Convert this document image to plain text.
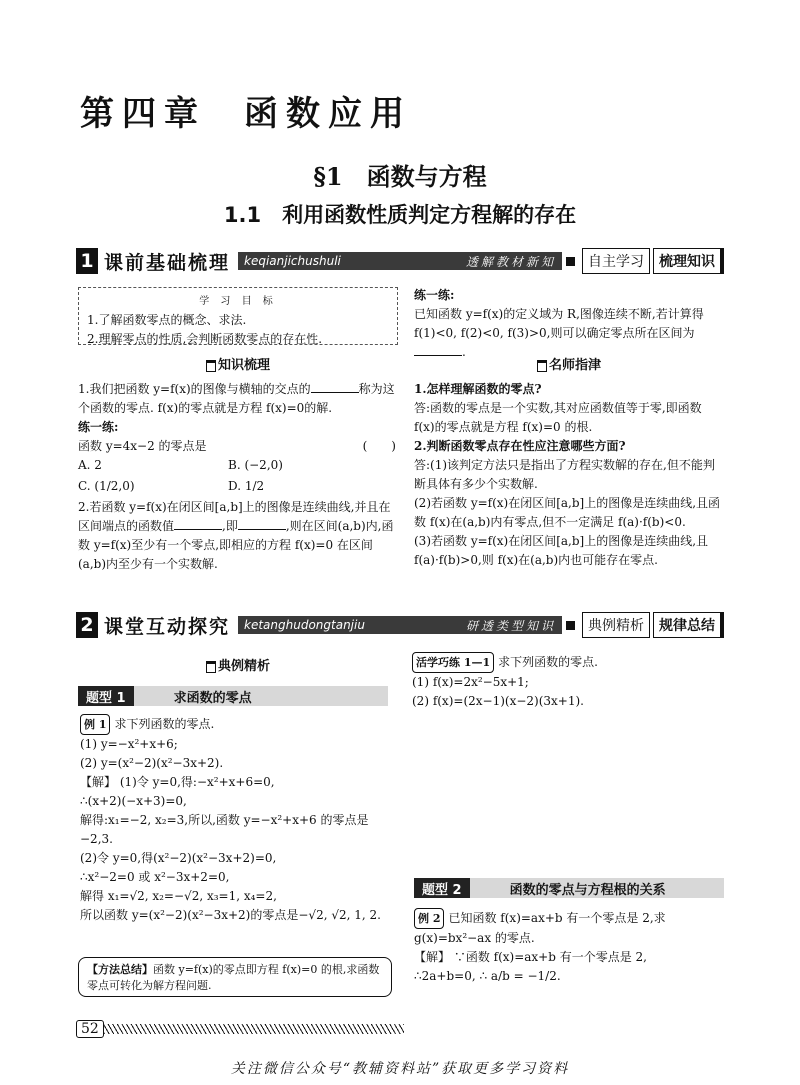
第四章 函数应用
§1　函数与方程
1.1　利用函数性质判定方程解的存在
1 课前基础梳理	keqianjichushuli	透解教材新知	自主学习	梳理知识
学 习 目 标
1.了解函数零点的概念、求法.
2.理解零点的性质,会判断函数零点的存在性.
知识梳理
1.我们把函数 y=f(x)的图像与横轴的交点的	称为这个函数的零点. f(x)的零点就是方程 f(x)=0的解.
练一练:
函数 y=4x−2 的零点是	(　　)
A. 2	B. (−2,0)
C. (1/2,0)	D. 1/2
2.若函数 y=f(x)在闭区间[a,b]上的图像是连续曲线,并且在区间端点的函数值	,即	,则在区间(a,b)内,函数 y=f(x)至少有一个零点,即相应的方程 f(x)=0 在区间(a,b)内至少有一个实数解.
练一练:
已知函数 y=f(x)的定义域为 R,图像连续不断,若计算得 f(1)<0, f(2)<0, f(3)>0,则可以确定零点所在区间为.
名师指津
1.怎样理解函数的零点?
答:函数的零点是一个实数,其对应函数值等于零,即函数 f(x)的零点就是方程 f(x)=0 的根.
2.判断函数零点存在性应注意哪些方面?
答:(1)该判定方法只是指出了方程实数解的存在,但不能判断具体有多少个实数解.
(2)若函数 y=f(x)在闭区间[a,b]上的图像是连续曲线,且函数 f(x)在(a,b)内有零点,但不一定满足 f(a)·f(b)<0.
(3)若函数 y=f(x)在闭区间[a,b]上的图像是连续曲线,且 f(a)·f(b)>0,则 f(x)在(a,b)内也可能存在零点.
2 课堂互动探究	ketanghudongtanjiu	研透类型知识	典例精析	规律总结
典例精析
题型 1	求函数的零点
例 1 求下列函数的零点.
(1) y=−x²+x+6;
(2) y=(x²−2)(x²−3x+2).
【解】 (1)令 y=0,得:−x²+x+6=0,
∴(x+2)(−x+3)=0,
解得:x₁=−2, x₂=3,所以,函数 y=−x²+x+6 的零点是−2,3.
(2)令 y=0,得(x²−2)(x²−3x+2)=0,
∴x²−2=0 或 x²−3x+2=0,
解得 x₁=√2, x₂=−√2, x₃=1, x₄=2,
所以函数 y=(x²−2)(x²−3x+2)的零点是−√2, √2, 1, 2.
【方法总结】函数 y=f(x)的零点即方程 f(x)=0 的根,求函数零点可转化为解方程问题.
活学巧练 1—1 求下列函数的零点.
(1) f(x)=2x²−5x+1;
(2) f(x)=(2x−1)(x−2)(3x+1).
题型 2	函数的零点与方程根的关系
例 2 已知函数 f(x)=ax+b 有一个零点是 2,求 g(x)=bx²−ax 的零点.
【解】 ∵函数 f(x)=ax+b 有一个零点是 2,
∴2a+b=0, ∴ a/b = −1/2.
52
关注微信公众号“教辅资料站”获取更多学习资料
